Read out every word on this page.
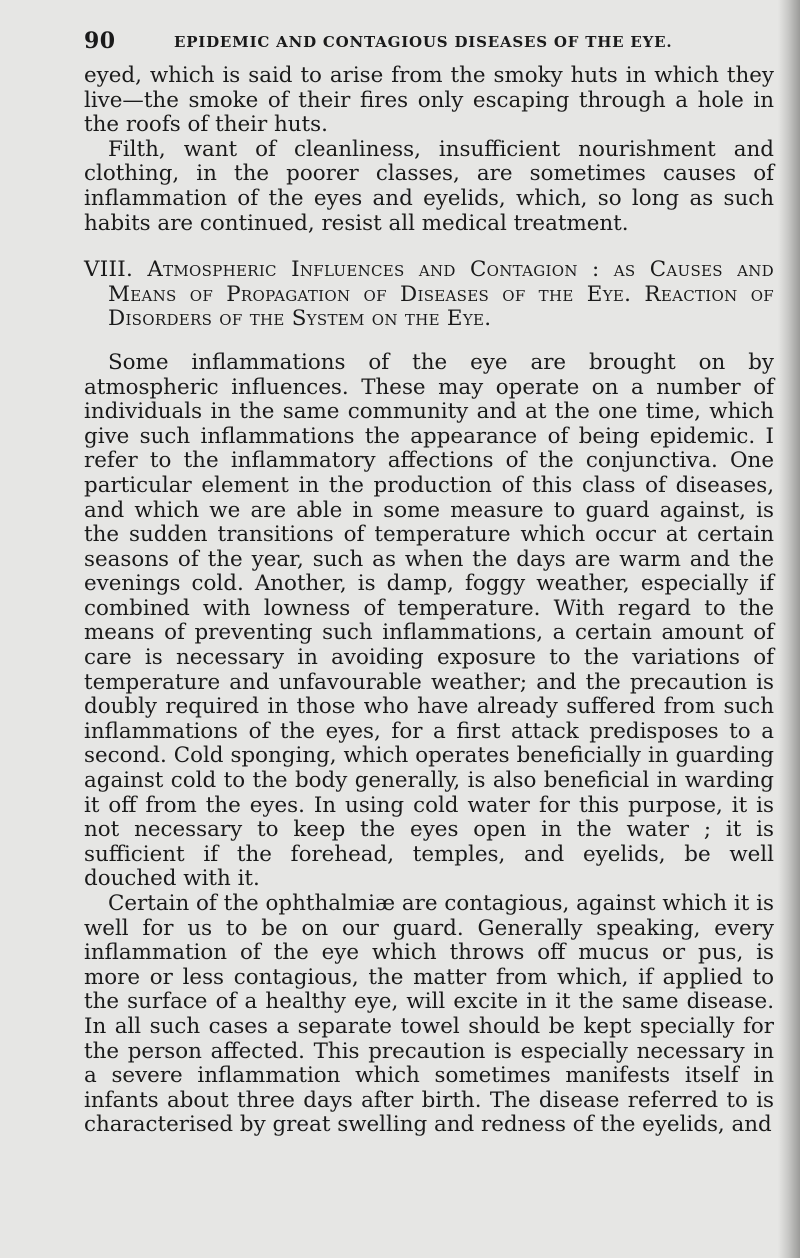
90	EPIDEMIC AND CONTAGIOUS DISEASES OF THE EYE.

eyed, which is said to arise from the smoky huts in which they live—the smoke of their fires only escaping through a hole in the roofs of their huts.

Filth, want of cleanliness, insufficient nourishment and clothing, in the poorer classes, are sometimes causes of inflammation of the eyes and eyelids, which, so long as such habits are continued, resist all medical treatment.

VIII. Atmospheric Influences and Contagion : as Causes and Means of Propagation of Diseases of the Eye. Reaction of Disorders of the System on the Eye.

Some inflammations of the eye are brought on by atmospheric influences. These may operate on a number of individuals in the same community and at the one time, which give such inflammations the appearance of being epidemic. I refer to the inflammatory affections of the conjunctiva. One particular element in the production of this class of diseases, and which we are able in some measure to guard against, is the sudden transitions of temperature which occur at certain seasons of the year, such as when the days are warm and the evenings cold. Another, is damp, foggy weather, especially if combined with lowness of temperature. With regard to the means of preventing such inflammations, a certain amount of care is necessary in avoiding exposure to the variations of temperature and unfavourable weather; and the precaution is doubly required in those who have already suffered from such inflammations of the eyes, for a first attack predisposes to a second. Cold sponging, which operates beneficially in guarding against cold to the body generally, is also beneficial in warding it off from the eyes. In using cold water for this purpose, it is not necessary to keep the eyes open in the water ; it is sufficient if the forehead, temples, and eyelids, be well douched with it.

Certain of the ophthalmiæ are contagious, against which it is well for us to be on our guard. Generally speaking, every inflammation of the eye which throws off mucus or pus, is more or less contagious, the matter from which, if applied to the surface of a healthy eye, will excite in it the same disease. In all such cases a separate towel should be kept specially for the person affected. This precaution is especially necessary in a severe inflammation which sometimes manifests itself in infants about three days after birth. The disease referred to is characterised by great swelling and redness of the eyelids, and
